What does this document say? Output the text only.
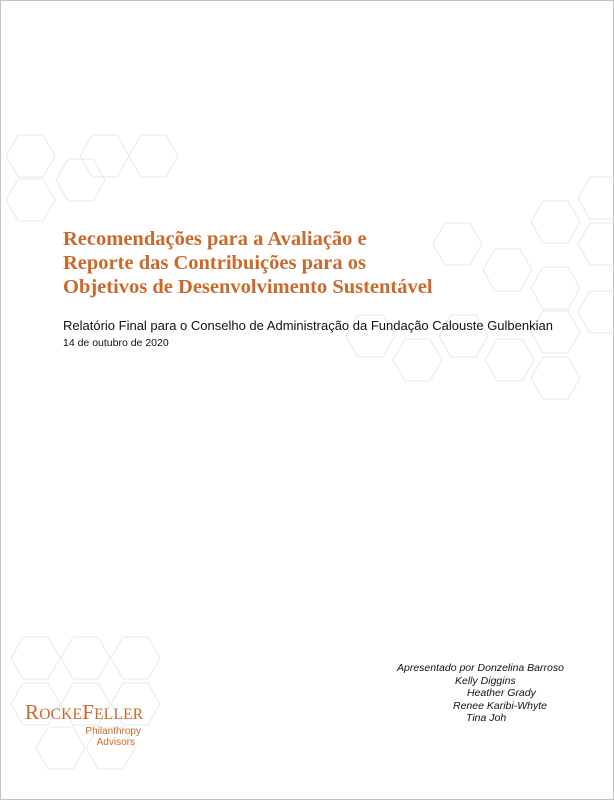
Recomendações para a Avaliação e
Reporte das Contribuições para os
Objetivos de Desenvolvimento Sustentável
Relatório Final para o Conselho de Administração da Fundação Calouste Gulbenkian
14 de outubro de 2020
Apresentado por Donzelina Barroso
Kelly Diggins
Heather Grady
Renee Karibi-Whyte
Tina Joh
ROCKEFELLER
Philanthropy
Advisors
